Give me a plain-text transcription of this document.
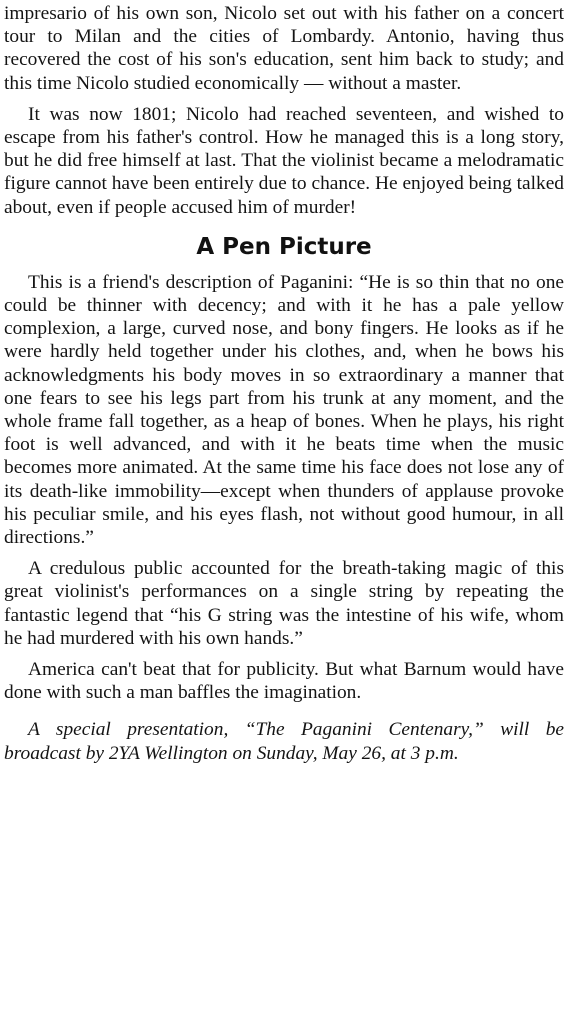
impresario of his own son, Nicolo set out with his father on a concert tour to Milan and the cities of Lombardy. Antonio, having thus recovered the cost of his son's education, sent him back to study; and this time Nicolo studied economically — without a master.

It was now 1801; Nicolo had reached seventeen, and wished to escape from his father's control. How he managed this is a long story, but he did free himself at last. That the violinist became a melodramatic figure cannot have been entirely due to chance. He enjoyed being talked about, even if people accused him of murder!

A Pen Picture

This is a friend's description of Paganini: “He is so thin that no one could be thinner with decency; and with it he has a pale yellow complexion, a large, curved nose, and bony fingers. He looks as if he were hardly held together under his clothes, and, when he bows his acknowledgments his body moves in so extraordinary a manner that one fears to see his legs part from his trunk at any moment, and the whole frame fall together, as a heap of bones. When he plays, his right foot is well advanced, and with it he beats time when the music becomes more animated. At the same time his face does not lose any of its death-like immobility—except when thunders of applause provoke his peculiar smile, and his eyes flash, not without good humour, in all directions.”

A credulous public accounted for the breath-taking magic of this great violinist's performances on a single string by repeating the fantastic legend that “his G string was the intestine of his wife, whom he had murdered with his own hands.”

America can't beat that for publicity. But what Barnum would have done with such a man baffles the imagination.

A special presentation, “The Paganini Centenary,” will be broadcast by 2YA Wellington on Sunday, May 26, at 3 p.m.
